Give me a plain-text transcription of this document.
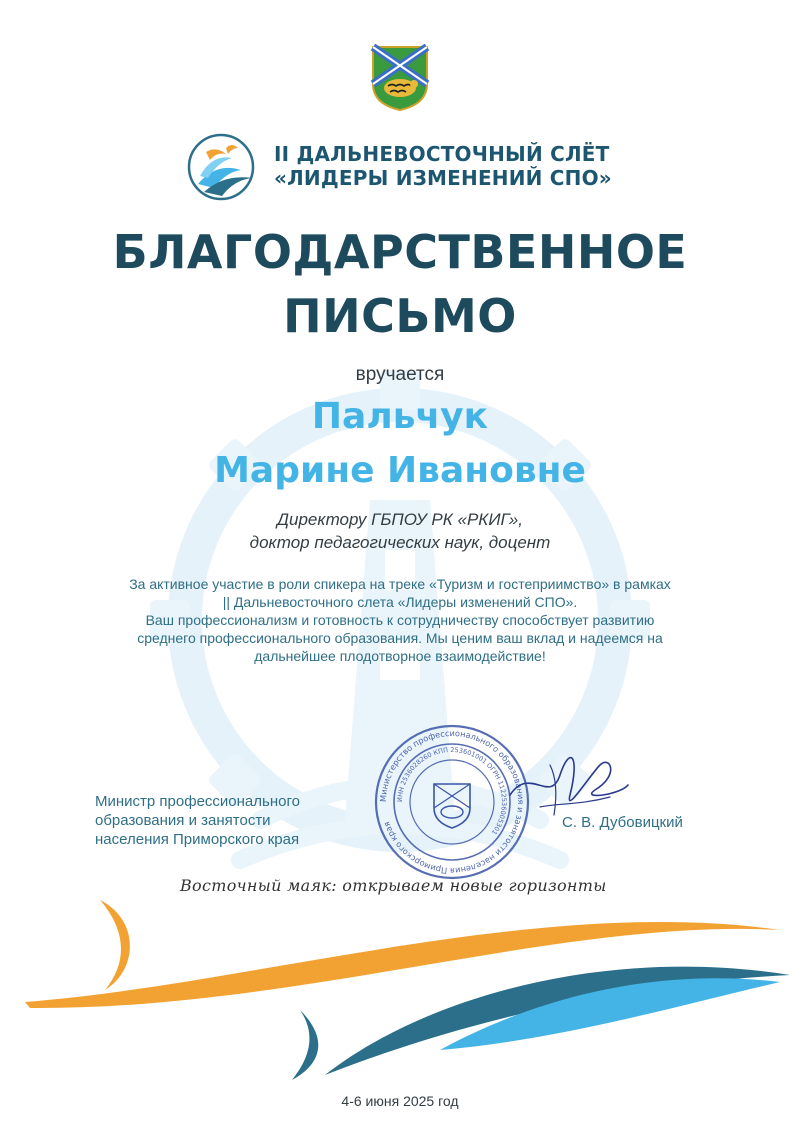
II ДАЛЬНЕВОСТОЧНЫЙ СЛЁТ
«ЛИДЕРЫ ИЗМЕНЕНИЙ СПО»
БЛАГОДАРСТВЕННОЕ
ПИСЬМО
вручается
Пальчук
Марине Ивановне
Директору ГБПОУ РК «РКИГ»,
доктор педагогических наук, доцент
За активное участие в роли спикера на треке «Туризм и гостеприимство» в рамках
|| Дальневосточного слета «Лидеры изменений СПО».
Ваш профессионализм и готовность к сотрудничеству способствует развитию
среднего профессионального образования. Мы ценим ваш вклад и надеемся на
дальнейшее плодотворное взаимодействие!
Министр профессионального
образования и занятости
населения Приморского края
Министерство профессионального образования и занятости населения Приморского края
ИНН 2536028260 КПП 253601001 ОГРН 1122536005301
С. В. Дубовицкий
Восточный маяк: открываем новые горизонты
4-6 июня 2025 год
